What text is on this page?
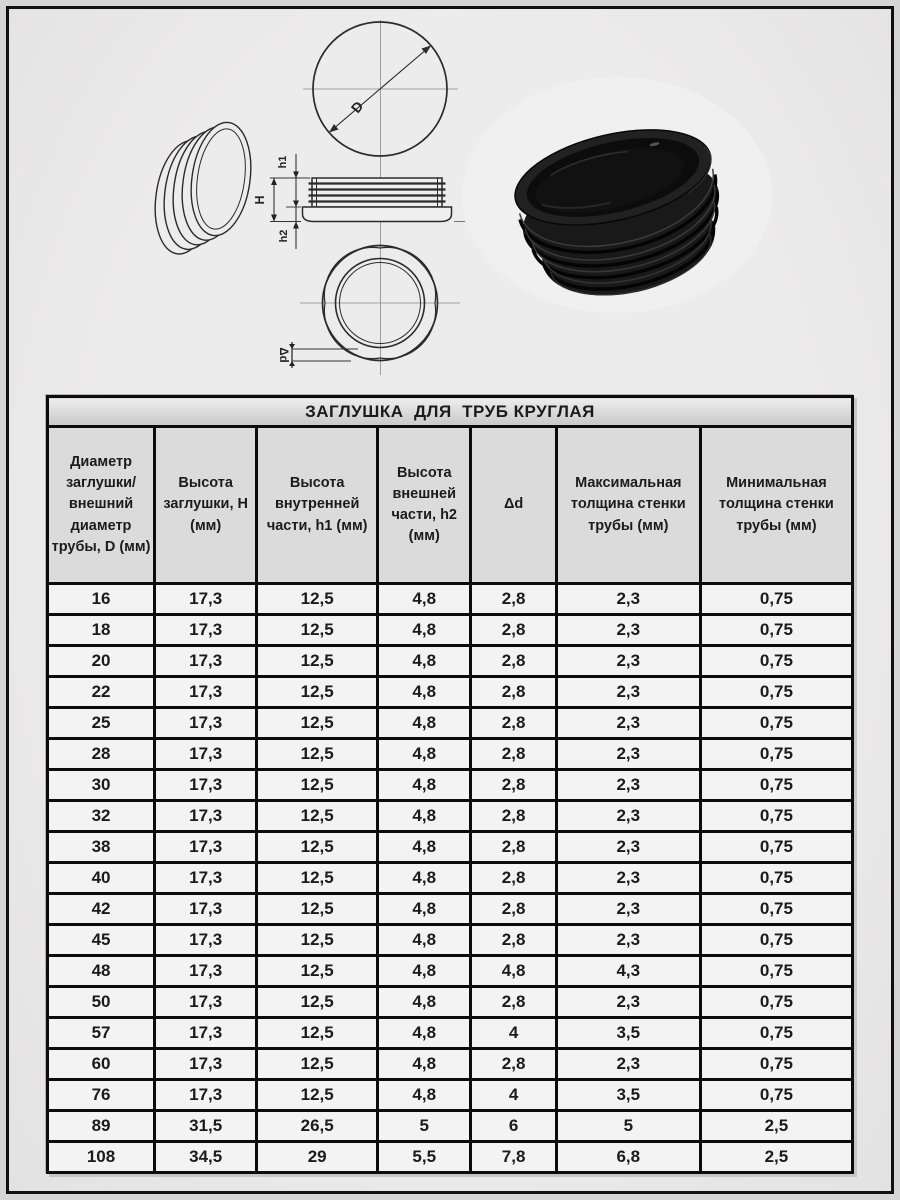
D
H
h1
h2
Δd
ЗАГЛУШКА  ДЛЯ  ТРУБ КРУГЛАЯ						
Диаметр заглушки/ внешний диаметр трубы, D (мм)	Высота заглушки, Н (мм)	Высота внутренней части, h1 (мм)	Высота внешней части, h2 (мм)	Δd	Максимальная толщина стенки трубы (мм)	Минимальная толщина стенки трубы (мм)
16	17,3	12,5	4,8	2,8	2,3	0,75
18	17,3	12,5	4,8	2,8	2,3	0,75
20	17,3	12,5	4,8	2,8	2,3	0,75
22	17,3	12,5	4,8	2,8	2,3	0,75
25	17,3	12,5	4,8	2,8	2,3	0,75
28	17,3	12,5	4,8	2,8	2,3	0,75
30	17,3	12,5	4,8	2,8	2,3	0,75
32	17,3	12,5	4,8	2,8	2,3	0,75
38	17,3	12,5	4,8	2,8	2,3	0,75
40	17,3	12,5	4,8	2,8	2,3	0,75
42	17,3	12,5	4,8	2,8	2,3	0,75
45	17,3	12,5	4,8	2,8	2,3	0,75
48	17,3	12,5	4,8	4,8	4,3	0,75
50	17,3	12,5	4,8	2,8	2,3	0,75
57	17,3	12,5	4,8	4	3,5	0,75
60	17,3	12,5	4,8	2,8	2,3	0,75
76	17,3	12,5	4,8	4	3,5	0,75
89	31,5	26,5	5	6	5	2,5
108	34,5	29	5,5	7,8	6,8	2,5
